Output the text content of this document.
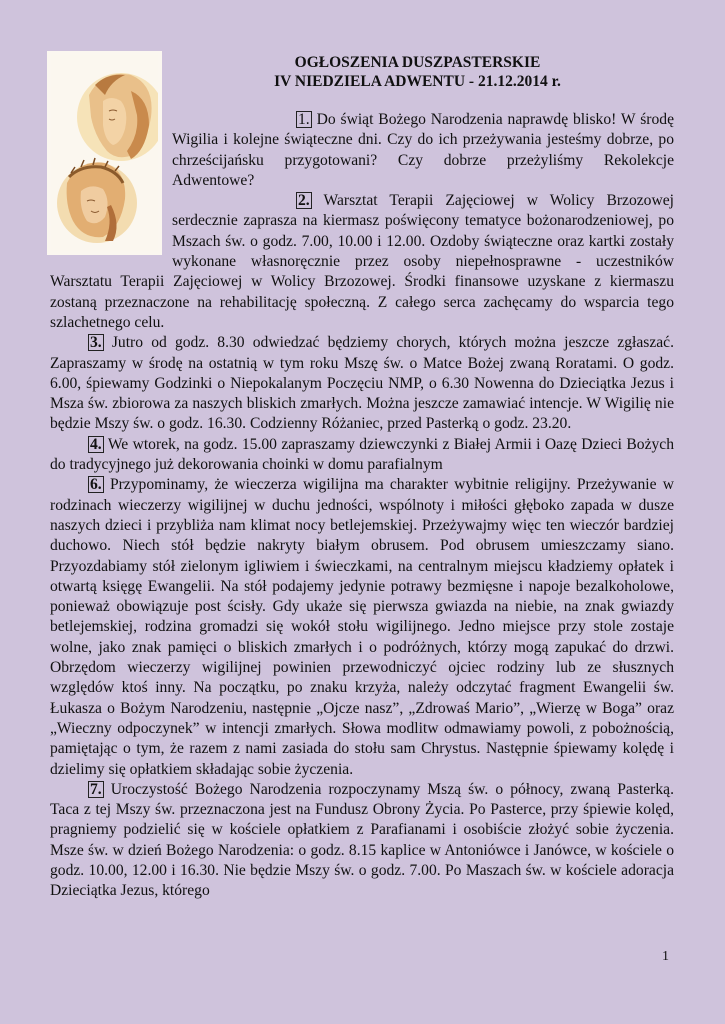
OGŁOSZENIA DUSZPASTERSKIE
IV NIEDZIELA ADWENTU - 21.12.2014 r.

1. Do świąt Bożego Narodzenia naprawdę blisko! W środę Wigilia i kolejne świąteczne dni. Czy do ich przeżywania jesteśmy dobrze, po chrześcijańsku przygotowani? Czy dobrze przeżyliśmy Rekolekcje Adwentowe?

2. Warsztat Terapii Zajęciowej w Wolicy Brzozowej serdecznie zaprasza na kiermasz poświęcony tematyce bożonarodzeniowej, po Mszach św. o godz. 7.00, 10.00 i 12.00. Ozdoby świąteczne oraz kartki zostały wykonane własnoręcznie przez osoby niepełnosprawne - uczestników Warsztatu Terapii Zajęciowej w Wolicy Brzozowej. Środki finansowe uzyskane z kiermaszu zostaną przeznaczone na rehabilitację społeczną. Z całego serca zachęcamy do wsparcia tego szlachetnego celu.

3. Jutro od godz. 8.30 odwiedzać będziemy chorych, których można jeszcze zgłaszać. Zapraszamy w środę na ostatnią w tym roku Mszę św. o Matce Bożej zwaną Roratami. O godz. 6.00, śpiewamy Godzinki o Niepokalanym Poczęciu NMP, o 6.30 Nowenna do Dzieciątka Jezus i Msza św. zbiorowa za naszych bliskich zmarłych. Można jeszcze zamawiać intencje. W Wigilię nie będzie Mszy św. o godz. 16.30. Codzienny Różaniec, przed Pasterką o godz. 23.20.

4. We wtorek, na godz. 15.00 zapraszamy dziewczynki z Białej Armii i Oazę Dzieci Bożych do tradycyjnego już dekorowania choinki w domu parafialnym

6. Przypominamy, że wieczerza wigilijna ma charakter wybitnie religijny. Przeżywanie w rodzinach wieczerzy wigilijnej w duchu jedności, wspólnoty i miłości głęboko zapada w dusze naszych dzieci i przybliża nam klimat nocy betlejemskiej. Przeżywajmy więc ten wieczór bardziej duchowo. Niech stół będzie nakryty białym obrusem. Pod obrusem umieszczamy siano. Przyozdabiamy stół zielonym igliwiem i świeczkami, na centralnym miejscu kładziemy opłatek i otwartą księgę Ewangelii. Na stół podajemy jedynie potrawy bezmięsne i napoje bezalkoholowe, ponieważ obowiązuje post ścisły. Gdy ukaże się pierwsza gwiazda na niebie, na znak gwiazdy betlejemskiej, rodzina gromadzi się wokół stołu wigilijnego. Jedno miejsce przy stole zostaje wolne, jako znak pamięci o bliskich zmarłych i o podróżnych, którzy mogą zapukać do drzwi. Obrzędom wieczerzy wigilijnej powinien przewodniczyć ojciec rodziny lub ze słusznych względów ktoś inny. Na początku, po znaku krzyża, należy odczytać fragment Ewangelii św. Łukasza o Bożym Narodzeniu, następnie „Ojcze nasz”, „Zdrowaś Mario”, „Wierzę w Boga” oraz „Wieczny odpoczynek” w intencji zmarłych. Słowa modlitw odmawiamy powoli, z pobożnością, pamiętając o tym, że razem z nami zasiada do stołu sam Chrystus. Następnie śpiewamy kolędę i dzielimy się opłatkiem składając sobie życzenia.

7. Uroczystość Bożego Narodzenia rozpoczynamy Mszą św. o północy, zwaną Pasterką. Taca z tej Mszy św. przeznaczona jest na Fundusz Obrony Życia. Po Pasterce, przy śpiewie kolęd, pragniemy podzielić się w kościele opłatkiem z Parafianami i osobiście złożyć sobie życzenia. Msze św. w dzień Bożego Narodzenia: o godz. 8.15 kaplice w Antoniówce i Janówce, w kościele o godz. 10.00, 12.00 i 16.30. Nie będzie Mszy św. o godz. 7.00. Po Maszach św. w kościele adoracja Dzieciątka Jezus, którego

1
